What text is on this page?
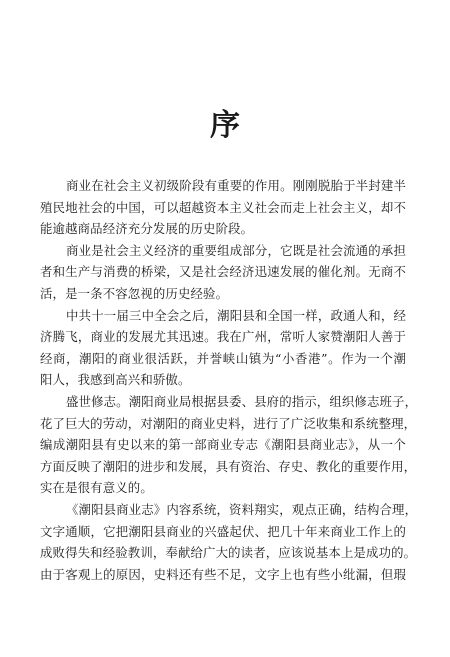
序
商业在社会主义初级阶段有重要的作用。刚刚脱胎于半封建半
殖民地社会的中国，可以超越资本主义社会而走上社会主义，却不
能逾越商品经济充分发展的历史阶段。
商业是社会主义经济的重要组成部分，它既是社会流通的承担
者和生产与消费的桥梁，又是社会经济迅速发展的催化剂。无商不
活，是一条不容忽视的历史经验。
中共十一届三中全会之后，潮阳县和全国一样，政通人和，经
济腾飞，商业的发展尤其迅速。我在广州，常听人家赞潮阳人善于
经商，潮阳的商业很活跃，并誉峡山镇为“小香港”。作为一个潮
阳人，我感到高兴和骄傲。
盛世修志。潮阳商业局根据县委、县府的指示，组织修志班子，
花了巨大的劳动，对潮阳的商业史料，进行了广泛收集和系统整理，
编成潮阳县有史以来的第一部商业专志《潮阳县商业志》，从一个
方面反映了潮阳的进步和发展，具有资治、存史、教化的重要作用，
实在是很有意义的。
《潮阳县商业志》内容系统，资料翔实，观点正确，结构合理，
文字通顺，它把潮阳县商业的兴盛起伏、把几十年来商业工作上的
成败得失和经验教训，奉献给广大的读者，应该说基本上是成功的。
由于客观上的原因，史料还有些不足，文字上也有些小纰漏，但瑕
